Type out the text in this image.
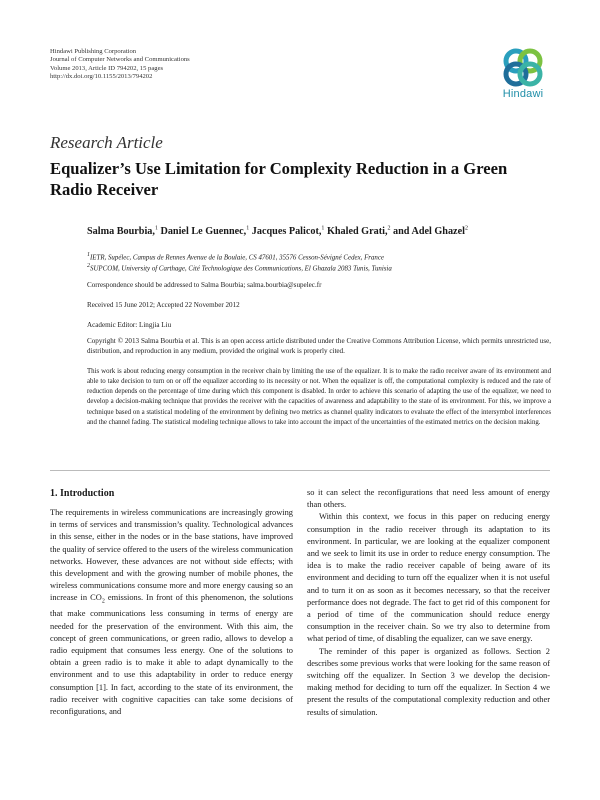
Hindawi Publishing Corporation
Journal of Computer Networks and Communications
Volume 2013, Article ID 794202, 15 pages
http://dx.doi.org/10.1155/2013/794202
Hindawi
Research Article
Equalizer’s Use Limitation for Complexity Reduction in a Green Radio Receiver
Salma Bourbia,$^1$ Daniel Le Guennec,$^1$ Jacques Palicot,$^1$ Khaled Grati,$^2$ and Adel Ghazel$^2$
$^1$IETR, Supélec, Campus de Rennes Avenue de la Boulaie, CS 47601, 35576 Cesson-Sévigné Cedex, France
$^2$SUPCOM, University of Carthage, Cité Technologique des Communications, El Ghazala 2083 Tunis, Tunisia
Correspondence should be addressed to Salma Bourbia; salma.bourbia@supelec.fr
Received 15 June 2012; Accepted 22 November 2012
Academic Editor: Lingjia Liu
Copyright © 2013 Salma Bourbia et al. This is an open access article distributed under the Creative Commons Attribution License, which permits unrestricted use, distribution, and reproduction in any medium, provided the original work is properly cited.
This work is about reducing energy consumption in the receiver chain by limiting the use of the equalizer. It is to make the radio receiver aware of its environment and able to take decision to turn on or off the equalizer according to its necessity or not. When the equalizer is off, the computational complexity is reduced and the rate of reduction depends on the percentage of time during which this component is disabled. In order to achieve this scenario of adapting the use of the equalizer, we need to develop a decision-making technique that provides the receiver with the capacities of awareness and adaptability to the state of its environment. For this, we improve a technique based on a statistical modeling of the environment by defining two metrics as channel quality indicators to evaluate the effect of the intersymbol interferences and the channel fading. The statistical modeling technique allows to take into account the impact of the uncertainties of the estimated metrics on the decision making.
1. Introduction

The requirements in wireless communications are increasingly growing in terms of services and transmission’s quality. Technological advances in this sense, either in the nodes or in the base stations, have improved the quality of service offered to the users of the wireless communication networks. However, these advances are not without side effects; with this development and with the growing number of mobile phones, the wireless communications consume more and more energy causing so an increase in $CO_2$ emissions. In front of this phenomenon, the solutions that make communications less consuming in terms of energy are needed for the preservation of the environment. With this aim, the concept of green communications, or green radio, allows to develop a radio equipment that consumes less energy. One of the solutions to obtain a green radio is to make it able to adapt dynamically to the environment and to use this adaptability in order to reduce energy consumption [1]. In fact, according to the state of its environment, the radio receiver with cognitive capacities can take some decisions of reconfigurations, and

so it can select the reconfigurations that need less amount of energy than others.

Within this context, we focus in this paper on reducing energy consumption in the radio receiver through its adaptation to its environment. In particular, we are looking at the equalizer component and we seek to limit its use in order to reduce energy consumption. The idea is to make the radio receiver capable of being aware of its environment and deciding to turn off the equalizer when it is not useful and to turn it on as soon as it becomes necessary, so that the receiver performance does not degrade. The fact to get rid of this component for a period of time of the communication should reduce energy consumption in the receiver chain. So we try also to determine from what period of time, of disabling the equalizer, can we save energy.

The reminder of this paper is organized as follows. Section 2 describes some previous works that were looking for the same reason of switching off the equalizer. In Section 3 we develop the decision-making method for deciding to turn off the equalizer. In Section 4 we present the results of the computational complexity reduction and other results of simulation.
